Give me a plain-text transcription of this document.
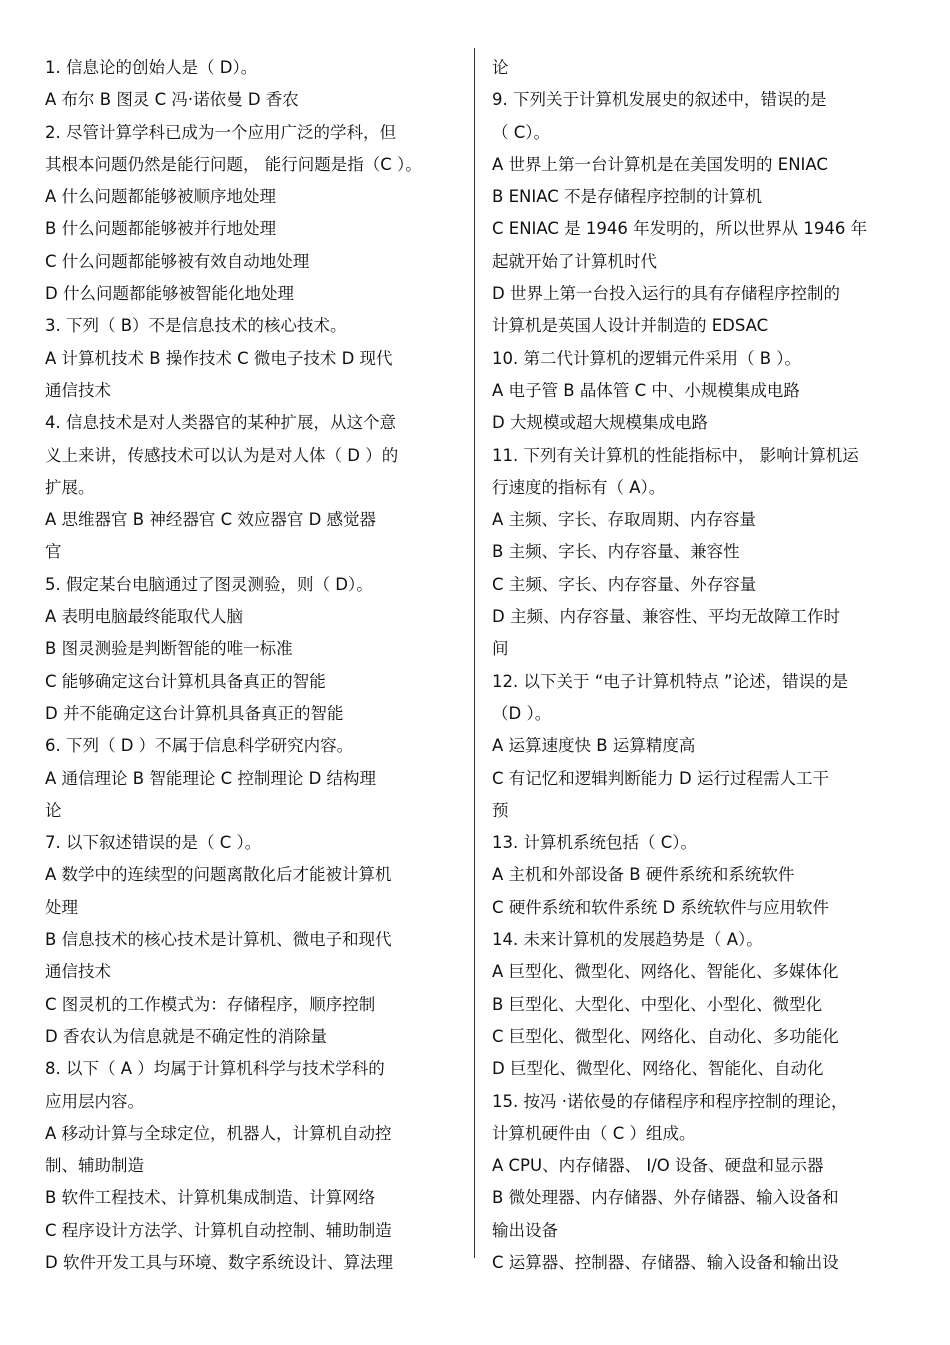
1. 信息论的创始人是（ D）。
A 布尔 B 图灵 C 冯·诺依曼 D 香农
2. 尽管计算学科已成为一个应用广泛的学科，但
其根本问题仍然是能行问题， 能行问题是指（C ）。
A 什么问题都能够被顺序地处理
B 什么问题都能够被并行地处理
C 什么问题都能够被有效自动地处理
D 什么问题都能够被智能化地处理
3. 下列（ B）不是信息技术的核心技术。
A 计算机技术 B 操作技术 C 微电子技术 D 现代
通信技术
4. 信息技术是对人类器官的某种扩展，从这个意
义上来讲，传感技术可以认为是对人体（ D ）的
扩展。
A 思维器官 B 神经器官 C 效应器官 D 感觉器
官
5. 假定某台电脑通过了图灵测验，则（ D）。
A 表明电脑最终能取代人脑
B 图灵测验是判断智能的唯一标准
C 能够确定这台计算机具备真正的智能
D 并不能确定这台计算机具备真正的智能
6. 下列（ D ）不属于信息科学研究内容。
A 通信理论 B 智能理论 C 控制理论 D 结构理
论
7. 以下叙述错误的是（ C ）。
A 数学中的连续型的问题离散化后才能被计算机
处理
B 信息技术的核心技术是计算机、微电子和现代
通信技术
C 图灵机的工作模式为：存储程序，顺序控制
D 香农认为信息就是不确定性的消除量
8. 以下（ A ）均属于计算机科学与技术学科的
应用层内容。
A 移动计算与全球定位，机器人，计算机自动控
制、辅助制造
B 软件工程技术、计算机集成制造、计算网络
C 程序设计方法学、计算机自动控制、辅助制造
D 软件开发工具与环境、数字系统设计、算法理
论
9. 下列关于计算机发展史的叙述中，错误的是
（ C）。
A 世界上第一台计算机是在美国发明的 ENIAC
B ENIAC 不是存储程序控制的计算机
C ENIAC 是 1946 年发明的，所以世界从 1946 年
起就开始了计算机时代
D 世界上第一台投入运行的具有存储程序控制的
计算机是英国人设计并制造的 EDSAC
10. 第二代计算机的逻辑元件采用（ B ）。
A 电子管 B 晶体管 C 中、小规模集成电路
D 大规模或超大规模集成电路
11. 下列有关计算机的性能指标中， 影响计算机运
行速度的指标有（ A）。
A 主频、字长、存取周期、内存容量
B 主频、字长、内存容量、兼容性
C 主频、字长、内存容量、外存容量
D 主频、内存容量、兼容性、平均无故障工作时
间
12. 以下关于 “电子计算机特点 ”论述，错误的是
（D ）。
A 运算速度快 B 运算精度高
C 有记忆和逻辑判断能力 D 运行过程需人工干
预
13. 计算机系统包括（ C）。
A 主机和外部设备 B 硬件系统和系统软件
C 硬件系统和软件系统 D 系统软件与应用软件
14. 未来计算机的发展趋势是（ A）。
A 巨型化、微型化、网络化、智能化、多媒体化
B 巨型化、大型化、中型化、小型化、微型化
C 巨型化、微型化、网络化、自动化、多功能化
D 巨型化、微型化、网络化、智能化、自动化
15. 按冯 ·诺依曼的存储程序和程序控制的理论，
计算机硬件由（ C ）组成。
A CPU、内存储器、 I/O 设备、硬盘和显示器
B 微处理器、内存储器、外存储器、输入设备和
输出设备
C 运算器、控制器、存储器、输入设备和输出设
